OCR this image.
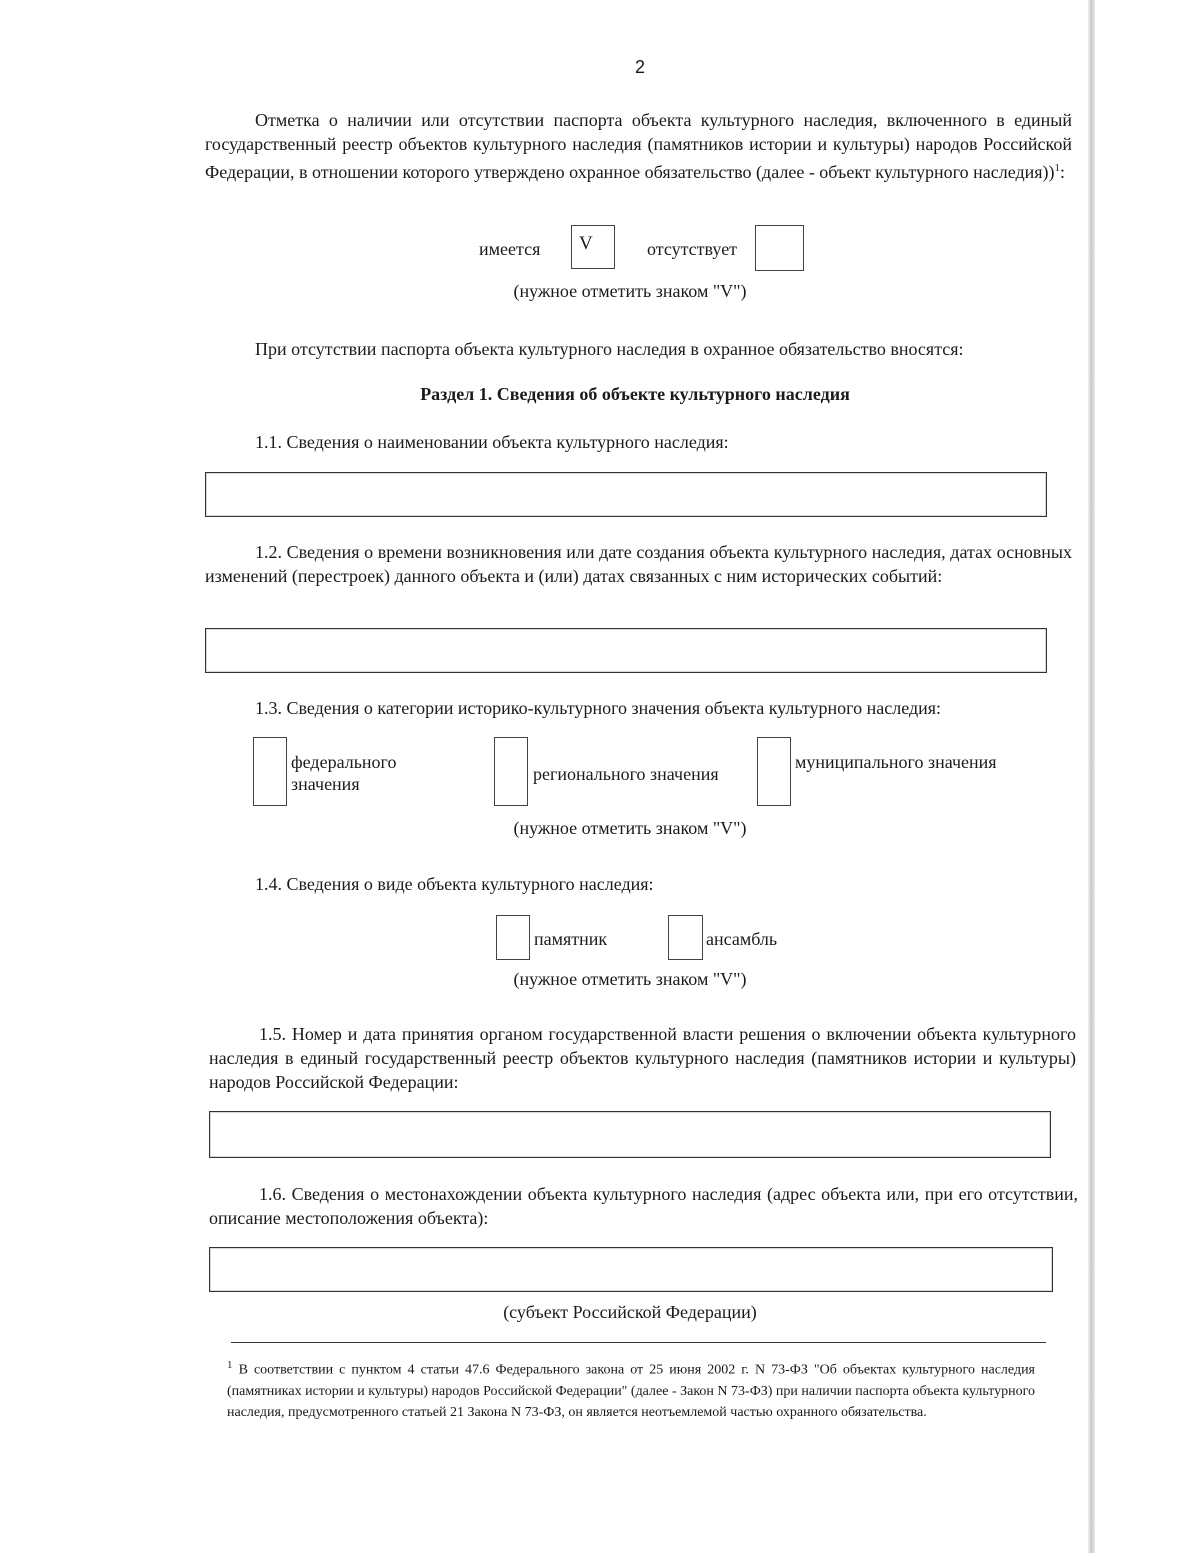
2
Отметка о наличии или отсутствии паспорта объекта культурного наследия, включенного в единый государственный реестр объектов культурного наследия (памятников истории и культуры) народов Российской Федерации, в отношении которого утверждено охранное обязательство (далее - объект культурного наследия))$^1$:
имеется V	отсутствует
(нужное отметить знаком "V")
При отсутствии паспорта объекта культурного наследия в охранное обязательство вносятся:
Раздел 1. Сведения об объекте культурного наследия
1.1. Сведения о наименовании объекта культурного наследия:
1.2. Сведения о времени возникновения или дате создания объекта культурного наследия, датах основных изменений (перестроек) данного объекта и (или) датах связанных с ним исторических событий:
1.3. Сведения о категории историко-культурного значения объекта культурного наследия:
федерального
значения	регионального значения
муниципального значения
(нужное отметить знаком "V")
1.4. Сведения о виде объекта культурного наследия:
памятник	ансамбль
(нужное отметить знаком "V")
1.5. Номер и дата принятия органом государственной власти решения о включении объекта культурного наследия в единый государственный реестр объектов культурного наследия (памятников истории и культуры) народов Российской Федерации:
1.6. Сведения о местонахождении объекта культурного наследия (адрес объекта или, при его отсутствии, описание местоположения объекта):
(субъект Российской Федерации)
$^1$ В соответствии с пунктом 4 статьи 47.6 Федерального закона от 25 июня 2002 г. N 73-ФЗ "Об объектах культурного наследия (памятниках истории и культуры) народов Российской Федерации" (далее - Закон N 73-ФЗ) при наличии паспорта объекта культурного наследия, предусмотренного статьей 21 Закона N 73-ФЗ, он является неотъемлемой частью охранного обязательства.
